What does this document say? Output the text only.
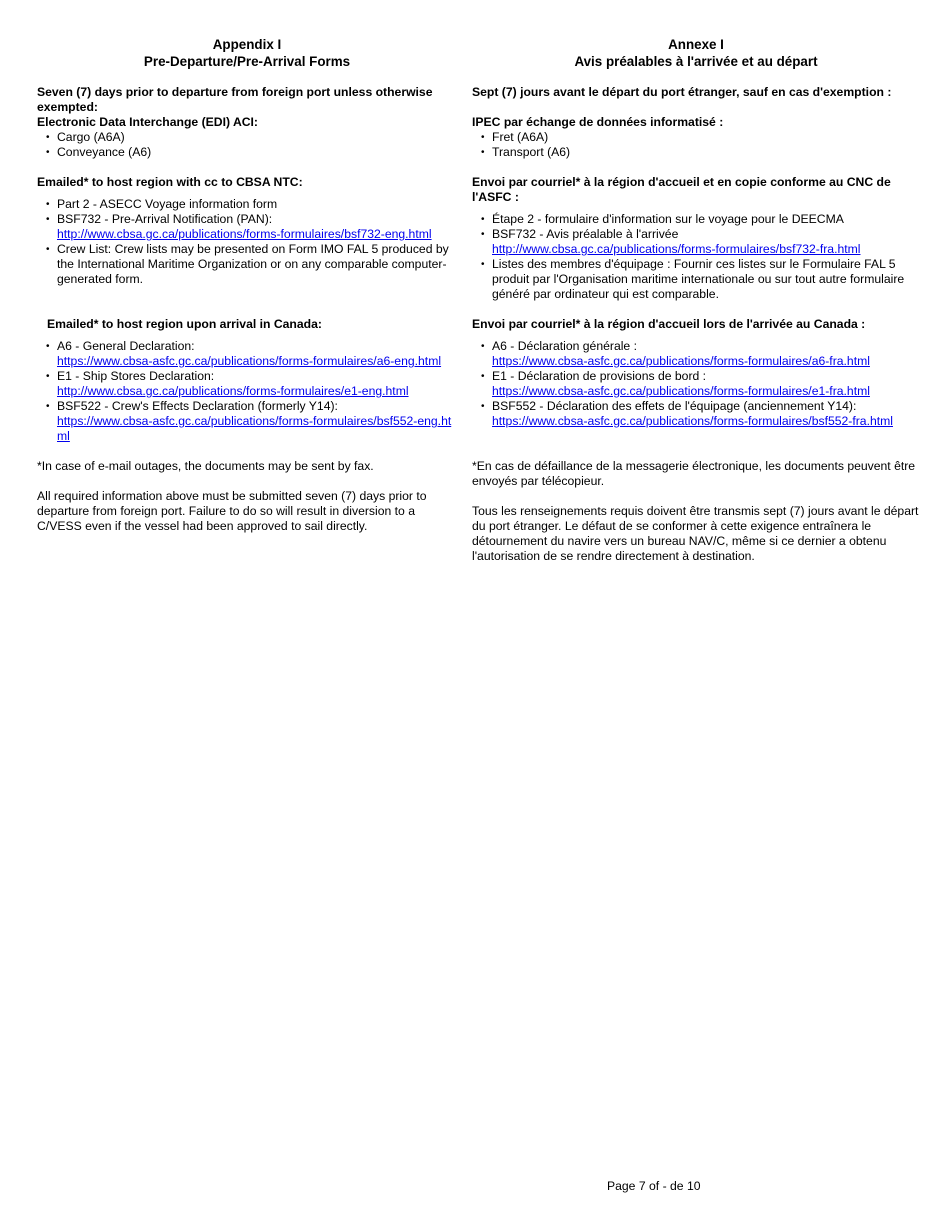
Appendix I
Pre-Departure/Pre-Arrival Forms

Seven (7) days prior to departure from foreign port unless otherwise exempted:

Electronic Data Interchange (EDI) ACI:

• Cargo (A6A)
• Conveyance (A6)

Emailed* to host region with cc to CBSA NTC:

• Part 2 - ASECC Voyage information form
• BSF732 - Pre-Arrival Notification (PAN):
http://www.cbsa.gc.ca/publications/forms-formulaires/bsf732-eng.html
• Crew List: Crew lists may be presented on Form IMO FAL 5 produced by the International Maritime Organization or on any comparable computer-generated form.

Emailed* to host region upon arrival in Canada:

• A6 - General Declaration:
https://www.cbsa-asfc.gc.ca/publications/forms-formulaires/a6-eng.html
• E1 - Ship Stores Declaration:
http://www.cbsa.gc.ca/publications/forms-formulaires/e1-eng.html
• BSF522 - Crew's Effects Declaration (formerly Y14):
https://www.cbsa-asfc.gc.ca/publications/forms-formulaires/bsf552-eng.html

*In case of e-mail outages, the documents may be sent by fax.

All required information above must be submitted seven (7) days prior to departure from foreign port. Failure to do so will result in diversion to a C/VESS even if the vessel had been approved to sail directly.

Annexe I
Avis préalables à l'arrivée et au départ

Sept (7) jours avant le départ du port étranger, sauf en cas d'exemption :

IPEC par échange de données informatisé :

• Fret (A6A)
• Transport (A6)

Envoi par courriel* à la région d'accueil et en copie conforme au CNC de l'ASFC :

• Étape 2 - formulaire d'information sur le voyage pour le DEECMA
• BSF732 - Avis préalable à l'arrivée
http://www.cbsa.gc.ca/publications/forms-formulaires/bsf732-fra.html
• Listes des membres d'équipage : Fournir ces listes sur le Formulaire FAL 5 produit par l'Organisation maritime internationale ou sur tout autre formulaire généré par ordinateur qui est comparable.

Envoi par courriel* à la région d'accueil lors de l'arrivée au Canada :

• A6 - Déclaration générale :
https://www.cbsa-asfc.gc.ca/publications/forms-formulaires/a6-fra.html
• E1 - Déclaration de provisions de bord :
https://www.cbsa-asfc.gc.ca/publications/forms-formulaires/e1-fra.html
• BSF552 - Déclaration des effets de l'équipage (anciennement Y14):
https://www.cbsa-asfc.gc.ca/publications/forms-formulaires/bsf552-fra.html

*En cas de défaillance de la messagerie électronique, les documents peuvent être envoyés par télécopieur.

Tous les renseignements requis doivent être transmis sept (7) jours avant le départ du port étranger. Le défaut de se conformer à cette exigence entraînera le détournement du navire vers un bureau NAV/C, même si ce dernier a obtenu l'autorisation de se rendre directement à destination.

Page 7 of - de 10
